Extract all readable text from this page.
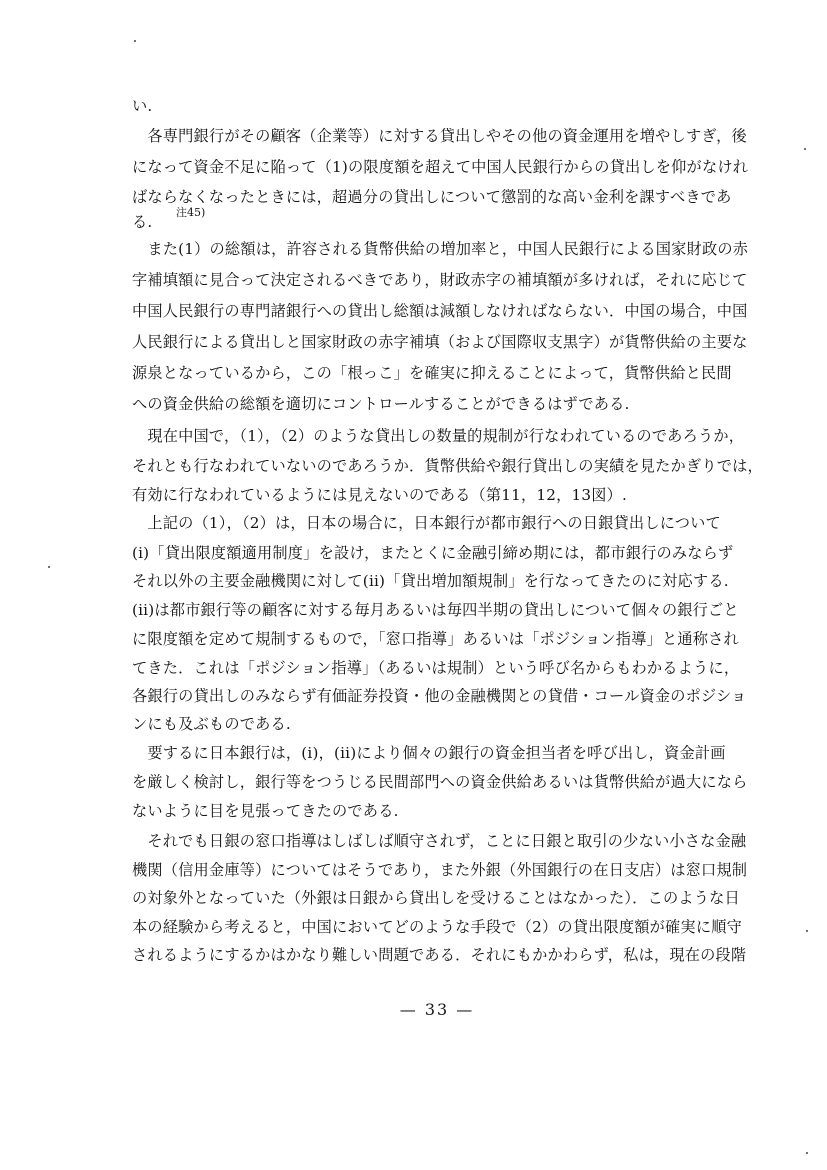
い.
　各専門銀行がその顧客（企業等）に対する貸出しやその他の資金運用を増やしすぎ，後
になって資金不足に陥って（1)の限度額を超えて中国人民銀行からの貸出しを仰がなけれ
ばならなくなったときには，超過分の貸出しについて懲罰的な高い金利を課すべきであ
る.
注45)
　また(1）の総額は，許容される貨幣供給の増加率と，中国人民銀行による国家財政の赤
字補填額に見合って決定されるべきであり，財政赤字の補填額が多ければ，それに応じて
中国人民銀行の専門諸銀行への貸出し総額は減額しなければならない．中国の場合，中国
人民銀行による貸出しと国家財政の赤字補填（および国際収支黒字）が貨幣供給の主要な
源泉となっているから，この「根っこ」を確実に抑えることによって，貨幣供給と民間
への資金供給の総額を適切にコントロールすることができるはずである.
　現在中国で，（1），（2）のような貸出しの数量的規制が行なわれているのであろうか，
それとも行なわれていないのであろうか．貨幣供給や銀行貸出しの実績を見たかぎりでは，
有効に行なわれているようには見えないのである（第11，12，13図）.
　上記の（1），（2）は，日本の場合に，日本銀行が都市銀行への日銀貸出しについて
(i)「貸出限度額適用制度」を設け，またとくに金融引締め期には，都市銀行のみならず
それ以外の主要金融機関に対して(ii)「貸出増加額規制」を行なってきたのに対応する.
(ii)は都市銀行等の顧客に対する毎月あるいは毎四半期の貸出しについて個々の銀行ごと
に限度額を定めて規制するもので，「窓口指導」あるいは「ポジション指導」と通称され
てきた．これは「ポジション指導」（あるいは規制）という呼び名からもわかるように，
各銀行の貸出しのみならず有価証券投資・他の金融機関との貸借・コール資金のポジショ
ンにも及ぶものである.
　要するに日本銀行は，(i)，(ii)により個々の銀行の資金担当者を呼び出し，資金計画
を厳しく検討し，銀行等をつうじる民間部門への資金供給あるいは貨幣供給が過大になら
ないように目を見張ってきたのである.
　それでも日銀の窓口指導はしばしば順守されず，ことに日銀と取引の少ない小さな金融
機関（信用金庫等）についてはそうであり，また外銀（外国銀行の在日支店）は窓口規制
の対象外となっていた（外銀は日銀から貸出しを受けることはなかった）．このような日
本の経験から考えると，中国においてどのような手段で（2）の貸出限度額が確実に順守
されるようにするかはかなり難しい問題である．それにもかかわらず，私は，現在の段階
— 33 —
